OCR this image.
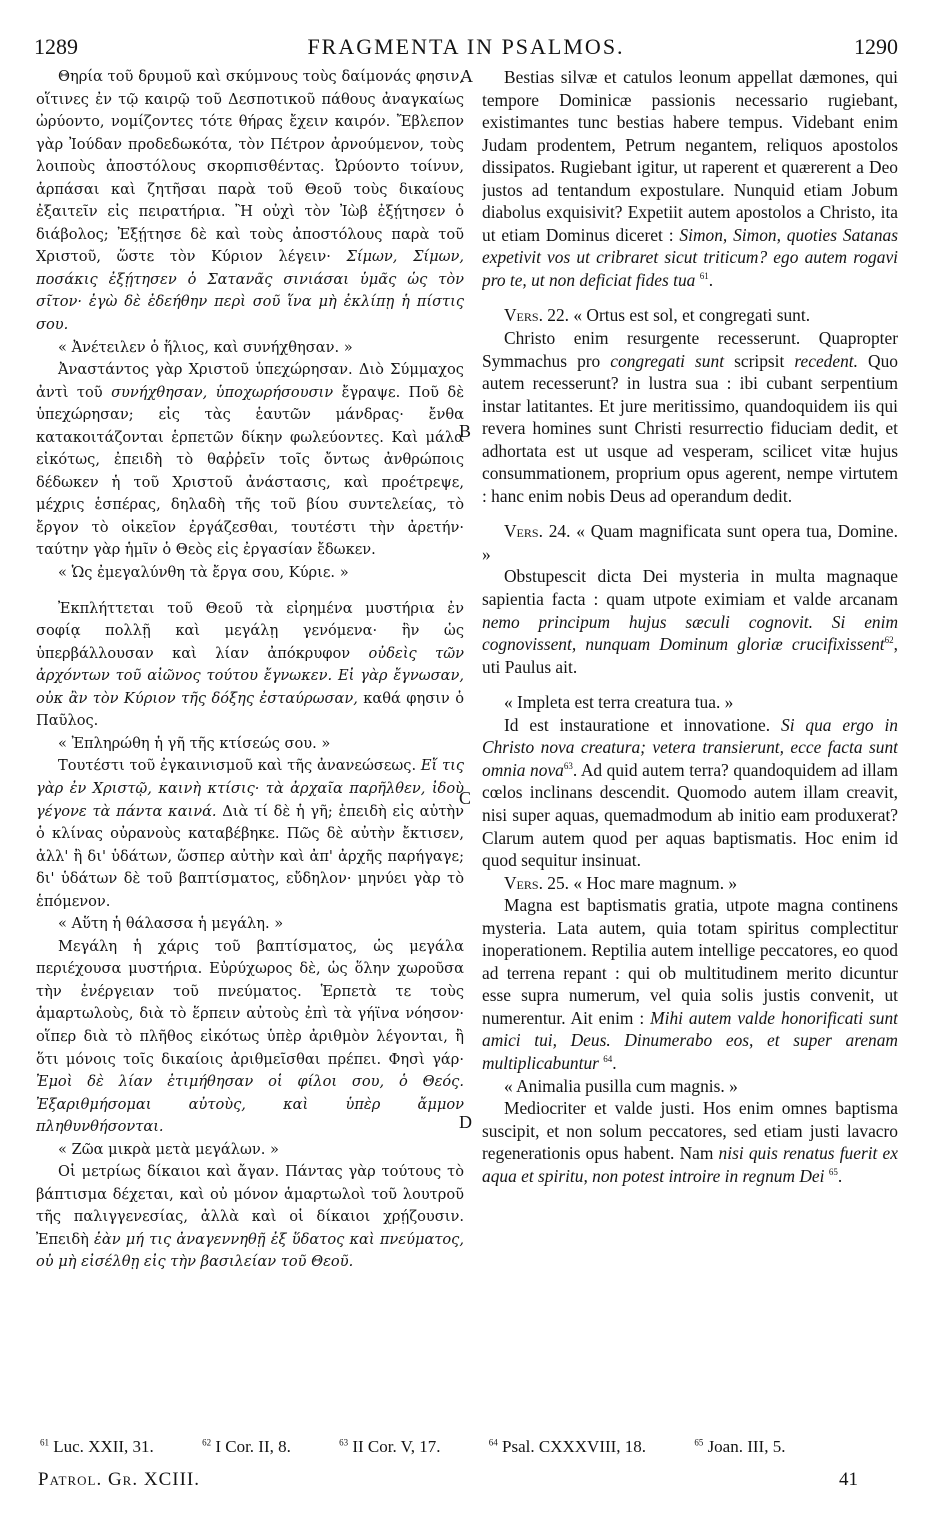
1289	FRAGMENTA IN PSALMOS.	1290
A
B
C
D

Θηρία τοῦ δρυμοῦ καὶ σκύμνους τοὺς δαίμονάς φησιν, οἵτινες ἐν τῷ καιρῷ τοῦ Δεσποτικοῦ πάθους ἀναγκαίως ὠρύοντο, νομίζοντες τότε θήρας ἔχειν καιρόν. Ἔβλεπον γὰρ Ἰούδαν προδεδωκότα, τὸν Πέτρον ἀρνούμενον, τοὺς λοιποὺς ἀποστόλους σκορπισθέντας. Ὠρύοντο τοίνυν, ἁρπάσαι καὶ ζητῆσαι παρὰ τοῦ Θεοῦ τοὺς δικαίους ἐξαιτεῖν εἰς πειρατήρια. Ἢ οὐχὶ τὸν Ἰὼβ ἐξῄτησεν ὁ διάβολος; Ἐξῄτησε δὲ καὶ τοὺς ἀποστόλους παρὰ τοῦ Χριστοῦ, ὥστε τὸν Κύριον λέγειν· Σίμων, Σίμων, ποσάκις ἐξῄτησεν ὁ Σατανᾶς σινιάσαι ὑμᾶς ὡς τὸν σῖτον· ἐγὼ δὲ ἐδεήθην περὶ σοῦ ἵνα μὴ ἐκλίπῃ ἡ πίστις σου.

« Ἀνέτειλεν ὁ ἥλιος, καὶ συνήχθησαν. »

Ἀναστάντος γὰρ Χριστοῦ ὑπεχώρησαν. Διὸ Σύμμαχος ἀντὶ τοῦ συνήχθησαν, ὑποχωρήσουσιν ἔγραψε. Ποῦ δὲ ὑπεχώρησαν; εἰς τὰς ἑαυτῶν μάνδρας· ἔνθα κατακοιτάζονται ἑρπετῶν δίκην φωλεύοντες. Καὶ μάλα εἰκότως, ἐπειδὴ τὸ θαῤῥεῖν τοῖς ὄντως ἀνθρώποις δέδωκεν ἡ τοῦ Χριστοῦ ἀνάστασις, καὶ προέτρεψε, μέχρις ἑσπέρας, δηλαδὴ τῆς τοῦ βίου συντελείας, τὸ ἔργον τὸ οἰκεῖον ἐργάζεσθαι, τουτέστι τὴν ἀρετήν· ταύτην γὰρ ἡμῖν ὁ Θεὸς εἰς ἐργασίαν ἔδωκεν.

« Ὡς ἐμεγαλύνθη τὰ ἔργα σου, Κύριε. »

Ἐκπλήττεται τοῦ Θεοῦ τὰ εἰρημένα μυστήρια ἐν σοφίᾳ πολλῇ καὶ μεγάλῃ γενόμενα· ἣν ὡς ὑπερβάλλουσαν καὶ λίαν ἀπόκρυφον οὐδεὶς τῶν ἀρχόντων τοῦ αἰῶνος τούτου ἔγνωκεν. Εἰ γὰρ ἔγνωσαν, οὐκ ἂν τὸν Κύριον τῆς δόξης ἐσταύρωσαν, καθά φησιν ὁ Παῦλος.

« Ἐπληρώθη ἡ γῆ τῆς κτίσεώς σου. »

Τουτέστι τοῦ ἐγκαινισμοῦ καὶ τῆς ἀνανεώσεως. Εἴ τις γὰρ ἐν Χριστῷ, καινὴ κτίσις· τὰ ἀρχαῖα παρῆλθεν, ἰδοὺ γέγονε τὰ πάντα καινά. Διὰ τί δὲ ἡ γῆ; ἐπειδὴ εἰς αὐτὴν ὁ κλίνας οὐρανοὺς καταβέβηκε. Πῶς δὲ αὐτὴν ἔκτισεν, ἀλλ' ἢ δι' ὑδάτων, ὥσπερ αὐτὴν καὶ ἀπ' ἀρχῆς παρήγαγε; δι' ὑδάτων δὲ τοῦ βαπτίσματος, εὔδηλον· μηνύει γὰρ τὸ ἑπόμενον.

« Αὕτη ἡ θάλασσα ἡ μεγάλη. »

Μεγάλη ἡ χάρις τοῦ βαπτίσματος, ὡς μεγάλα περιέχουσα μυστήρια. Εὐρύχωρος δὲ, ὡς ὅλην χωροῦσα τὴν ἐνέργειαν τοῦ πνεύματος. Ἑρπετὰ τε τοὺς ἁμαρτωλοὺς, διὰ τὸ ἕρπειν αὐτοὺς ἐπὶ τὰ γήϊνα νόησον· οἵπερ διὰ τὸ πλῆθος εἰκότως ὑπὲρ ἀριθμὸν λέγονται, ἢ ὅτι μόνοις τοῖς δικαίοις ἀριθμεῖσθαι πρέπει. Φησὶ γάρ· Ἐμοὶ δὲ λίαν ἐτιμήθησαν οἱ φίλοι σου, ὁ Θεός. Ἐξαριθμήσομαι αὐτοὺς, καὶ ὑπὲρ ἄμμον πληθυνθήσονται.

« Ζῶα μικρὰ μετὰ μεγάλων. »

Οἱ μετρίως δίκαιοι καὶ ἄγαν. Πάντας γὰρ τούτους τὸ βάπτισμα δέχεται, καὶ οὐ μόνον ἁμαρτωλοὶ τοῦ λουτροῦ τῆς παλιγγενεσίας, ἀλλὰ καὶ οἱ δίκαιοι χρῄζουσιν. Ἐπειδὴ ἐὰν μή τις ἀναγεννηθῇ ἐξ ὕδατος καὶ πνεύματος, οὐ μὴ εἰσέλθῃ εἰς τὴν βασιλείαν τοῦ Θεοῦ.

Bestias silvæ et catulos leonum appellat dæmones, qui tempore Dominicæ passionis necessario rugiebant, existimantes tunc bestias habere tempus. Videbant enim Judam prodentem, Petrum negantem, reliquos apostolos dissipatos. Rugiebant igitur, ut raperent et quærerent a Deo justos ad tentandum expostulare. Nunquid etiam Jobum diabolus exquisivit? Expetiit autem apostolos a Christo, ita ut etiam Dominus diceret : Simon, Simon, quoties Satanas expetivit vos ut cribraret sicut triticum? ego autem rogavi pro te, ut non deficiat fides tua $^{61}$.

Vers. 22. « Ortus est sol, et congregati sunt.

Christo enim resurgente recesserunt. Quapropter Symmachus pro congregati sunt scripsit recedent. Quo autem recesserunt? in lustra sua : ibi cubant serpentium instar latitantes. Et jure meritissimo, quandoquidem iis qui revera homines sunt Christi resurrectio fiduciam dedit, et adhortata est ut usque ad vesperam, scilicet vitæ hujus consummationem, proprium opus agerent, nempe virtutem : hanc enim nobis Deus ad operandum dedit.

Vers. 24. « Quam magnificata sunt opera tua, Domine. »

Obstupescit dicta Dei mysteria in multa magnaque sapientia facta : quam utpote eximiam et valde arcanam nemo principum hujus sæculi cognovit. Si enim cognovissent, nunquam Dominum gloriæ crucifixissent$^{62}$, uti Paulus ait.

« Impleta est terra creatura tua. »

Id est instauratione et innovatione. Si qua ergo in Christo nova creatura; vetera transierunt, ecce facta sunt omnia nova$^{63}$. Ad quid autem terra? quandoquidem ad illam cœlos inclinans descendit. Quomodo autem illam creavit, nisi super aquas, quemadmodum ab initio eam produxerat? Clarum autem quod per aquas baptismatis. Hoc enim id quod sequitur insinuat.

Vers. 25. « Hoc mare magnum. »

Magna est baptismatis gratia, utpote magna continens mysteria. Lata autem, quia totam spiritus complectitur inoperationem. Reptilia autem intellige peccatores, eo quod ad terrena repant : qui ob multitudinem merito dicuntur esse supra numerum, vel quia solis justis convenit, ut numerentur. Ait enim : Mihi autem valde honorificati sunt amici tui, Deus. Dinumerabo eos, et super arenam multiplicabuntur $^{64}$.

« Animalia pusilla cum magnis. »

Mediocriter et valde justi. Hos enim omnes baptisma suscipit, et non solum peccatores, sed etiam justi lavacro regenerationis opus habent. Nam nisi quis renatus fuerit ex aqua et spiritu, non potest introire in regnum Dei $^{65}$.

$^{61}$ Luc. XXII, 31.	$^{62}$ I Cor. II, 8.	$^{63}$ II Cor. V, 17.	$^{64}$ Psal. CXXXVIII, 18.	$^{65}$ Joan. III, 5.
Patrol. Gr. XCIII.	41
